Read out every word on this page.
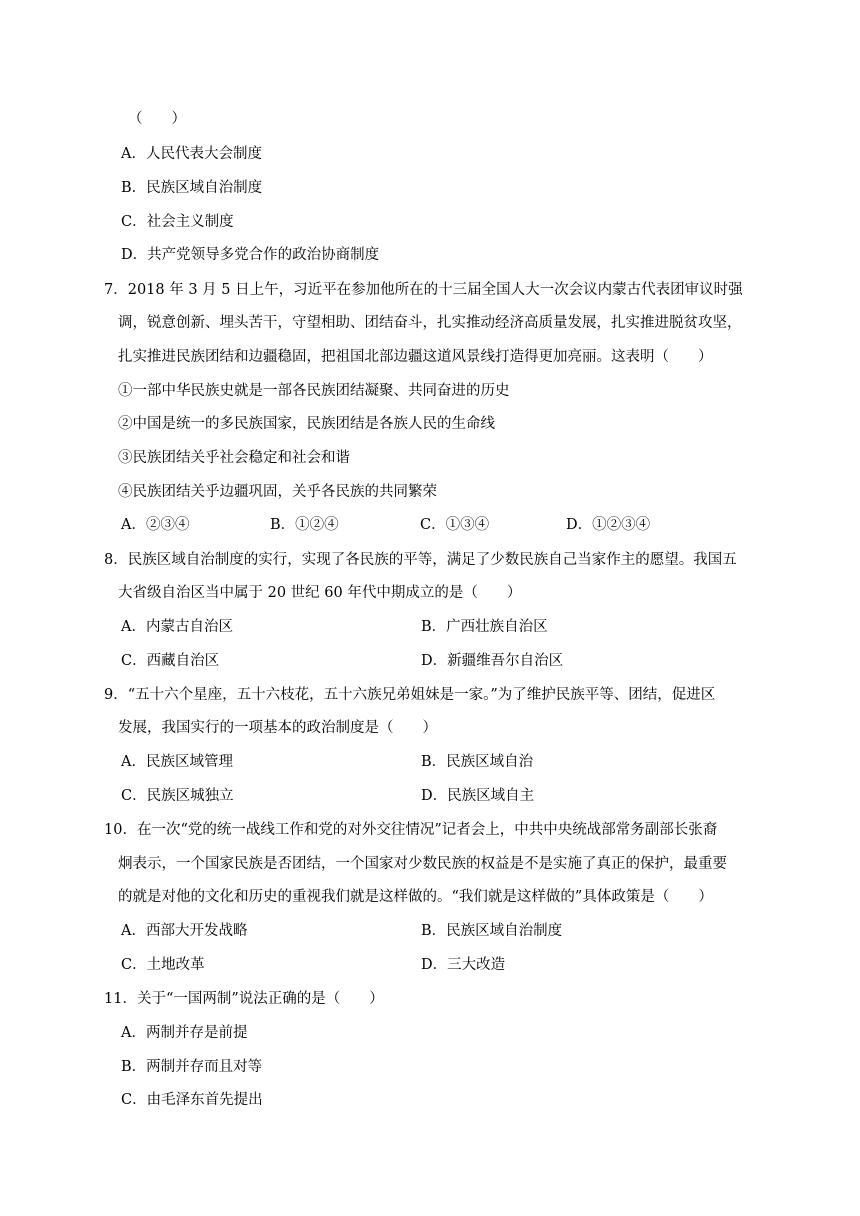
（　　）
A．人民代表大会制度
B．民族区域自治制度
C．社会主义制度
D．共产党领导多党合作的政治协商制度
7．2018 年 3 月 5 日上午，习近平在参加他所在的十三届全国人大一次会议内蒙古代表团审议时强
调，锐意创新、埋头苦干，守望相助、团结奋斗，扎实推动经济高质量发展，扎实推进脱贫攻坚，
扎实推进民族团结和边疆稳固，把祖国北部边疆这道风景线打造得更加亮丽。这表明（　　）
①一部中华民族史就是一部各民族团结凝聚、共同奋进的历史
②中国是统一的多民族国家，民族团结是各族人民的生命线
③民族团结关乎社会稳定和社会和谐
④民族团结关乎边疆巩固，关乎各民族的共同繁荣
A．②③④	B．①②④	C．①③④	D．①②③④
8．民族区域自治制度的实行，实现了各民族的平等，满足了少数民族自己当家作主的愿望。我国五
大省级自治区当中属于 20 世纪 60 年代中期成立的是（　　）
A．内蒙古自治区	B．广西壮族自治区
C．西藏自治区	D．新疆维吾尔自治区
9．“五十六个星座，五十六枝花，五十六族兄弟姐妹是一家。”为了维护民族平等、团结，促进区
发展，我国实行的一项基本的政治制度是（　　）
A．民族区域管理	B．民族区域自治
C．民族区城独立	D．民族区域自主
10．在一次“党的统一战线工作和党的对外交往情况”记者会上，中共中央统战部常务副部长张裔
炯表示，一个国家民族是否团结，一个国家对少数民族的权益是不是实施了真正的保护，最重要
的就是对他的文化和历史的重视我们就是这样做的。“我们就是这样做的”具体政策是（　　）
A．西部大开发战略	B．民族区域自治制度
C．土地改革	D．三大改造
11．关于“一国两制”说法正确的是（　　）
A．两制并存是前提
B．两制并存而且对等
C．由毛泽东首先提出
